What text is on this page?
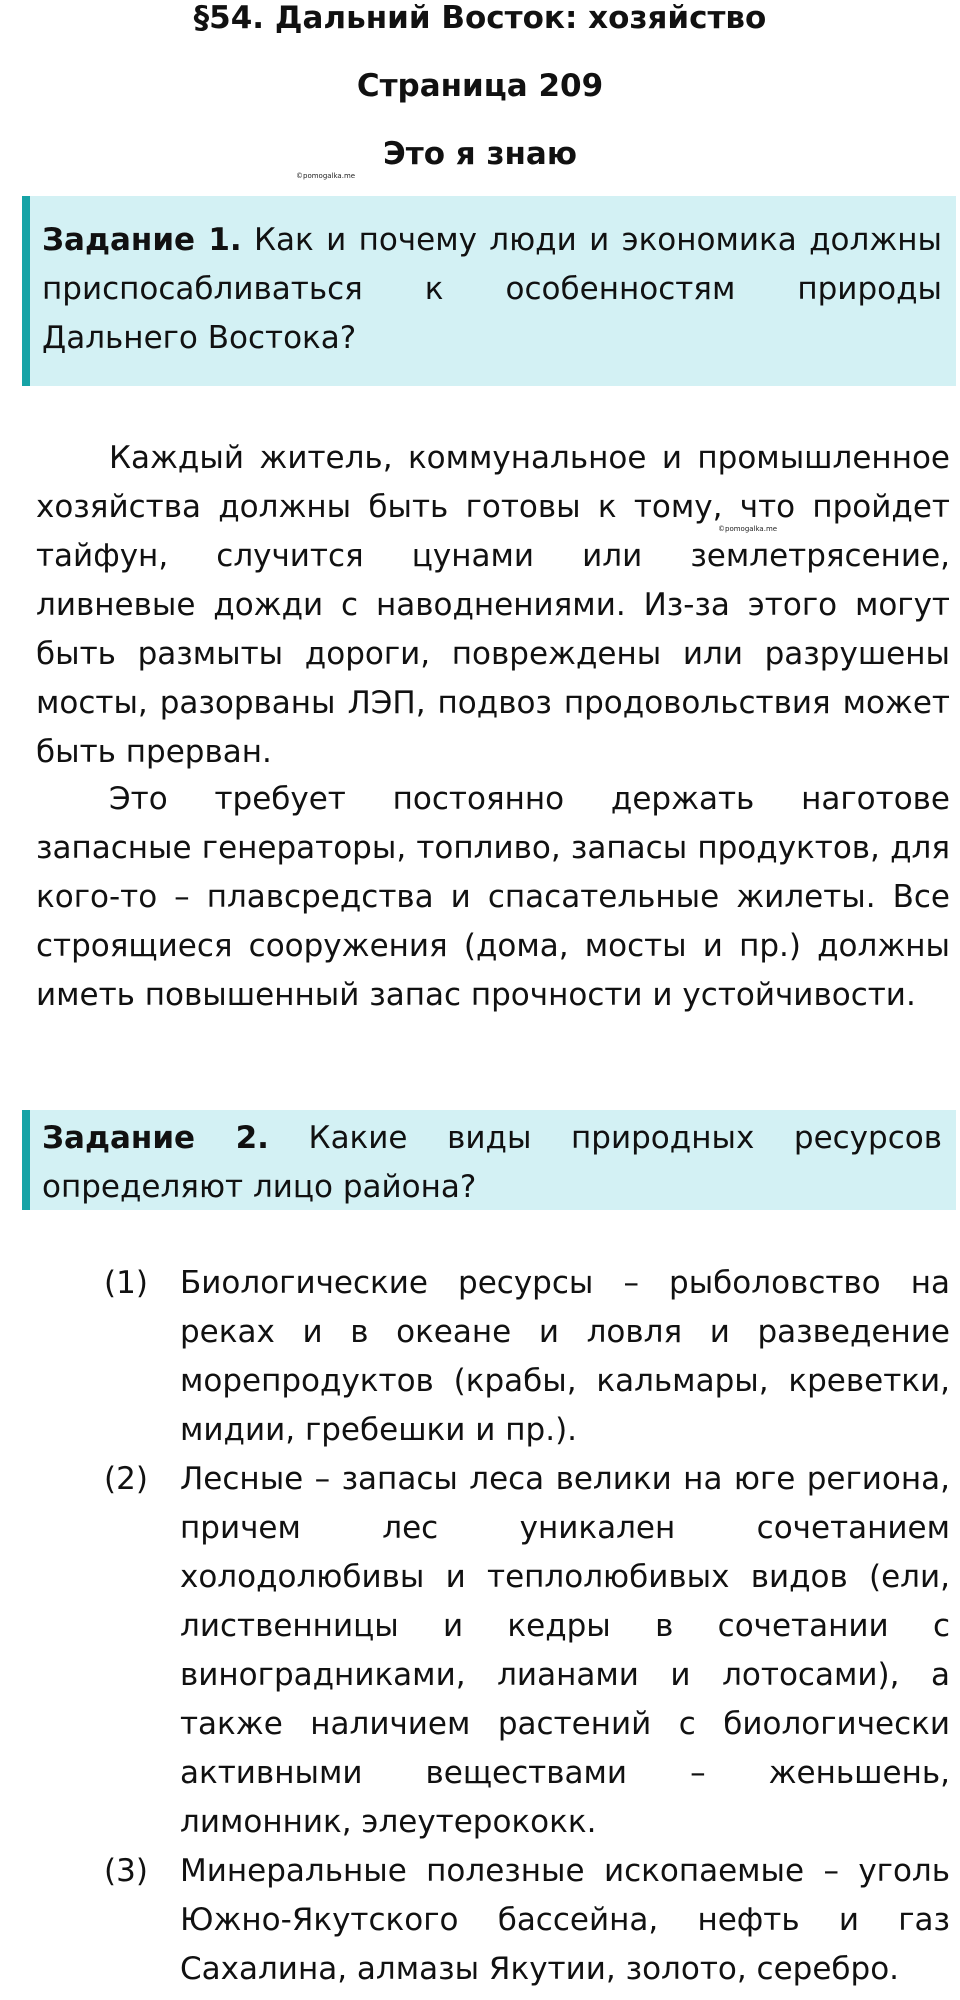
§54. Дальний Восток: хозяйство
Страница 209
Это я знаю
©pomogalka.me
Задание 1. Как и почему люди и экономика должны приспосабливаться к особенностям природы Дальнего Востока?

Каждый житель, коммунальное и промышленное хозяйства должны быть готовы к тому, что пройдет тайфун, случится цунами или землетрясение, ливневые дожди с наводнениями. Из-за этого могут быть размыты дороги, повреждены или разрушены мосты, разорваны ЛЭП, подвоз продовольствия может быть прерван.

©pomogalka.me

Это требует постоянно держать наготове запасные генераторы, топливо, запасы продуктов, для кого-то – плавсредства и спасательные жилеты. Все строящиеся сооружения (дома, мосты и пр.) должны иметь повышенный запас прочности и устойчивости.

Задание 2. Какие виды природных ресурсов определяют лицо района?
(1)	Биологические ресурсы – рыболовство на реках и в океане и ловля и разведение морепродуктов (крабы, кальмары, креветки, мидии, гребешки и пр.).
(2)	Лесные – запасы леса велики на юге региона, причем лес уникален сочетанием холодолюбивы и теплолюбивых видов (ели, лиственницы и кедры в сочетании с виноградниками, лианами и лотосами), а также наличием растений с биологически активными веществами – женьшень, лимонник, элеутерококк.
(3)	Минеральные полезные ископаемые – уголь Южно-Якутского бассейна, нефть и газ Сахалина, алмазы Якутии, золото, серебро.
